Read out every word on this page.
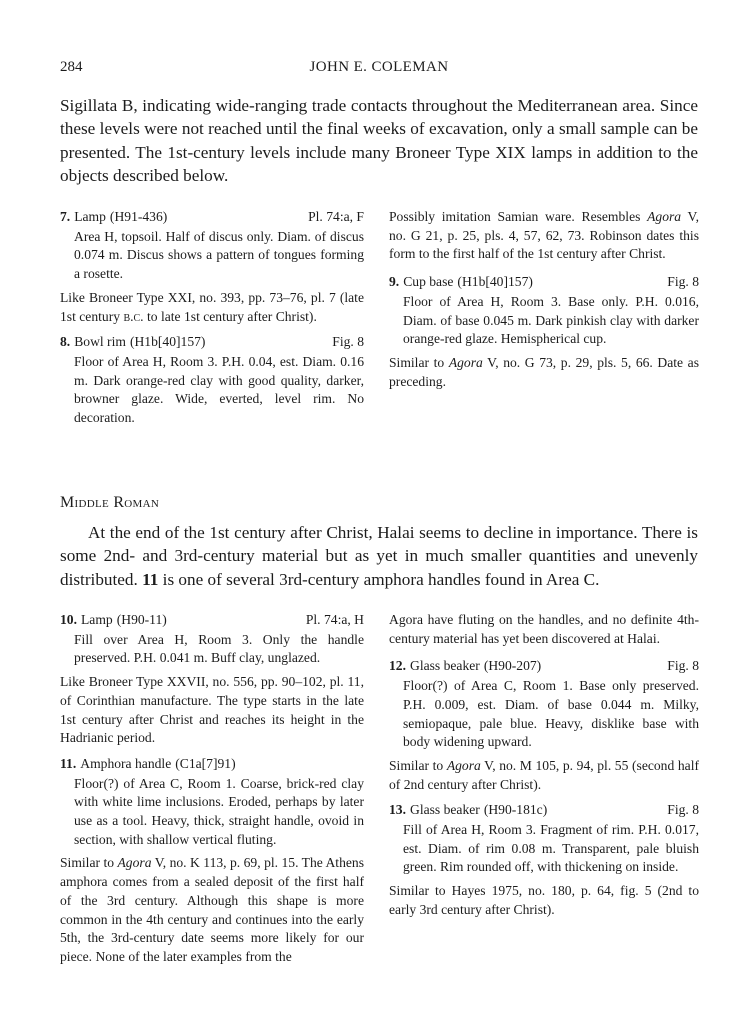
284	JOHN E. COLEMAN

Sigillata B, indicating wide-ranging trade contacts throughout the Mediterranean area. Since these levels were not reached until the final weeks of excavation, only a small sample can be presented. The 1st-century levels include many Broneer Type XIX lamps in addition to the objects described below.

7. Lamp (H91-436)	Pl. 74:a, F
Area H, topsoil. Half of discus only. Diam. of discus 0.074 m. Discus shows a pattern of tongues forming a rosette.
Like Broneer Type XXI, no. 393, pp. 73–76, pl. 7 (late 1st century b.c. to late 1st century after Christ).
8. Bowl rim (H1b[40]157)	Fig. 8
Floor of Area H, Room 3. P.H. 0.04, est. Diam. 0.16 m. Dark orange-red clay with good quality, darker, browner glaze. Wide, everted, level rim. No decoration.
Possibly imitation Samian ware. Resembles Agora V, no. G 21, p. 25, pls. 4, 57, 62, 73. Robinson dates this form to the first half of the 1st century after Christ.
9. Cup base (H1b[40]157)	Fig. 8
Floor of Area H, Room 3. Base only. P.H. 0.016, Diam. of base 0.045 m. Dark pinkish clay with darker orange-red glaze. Hemispherical cup.
Similar to Agora V, no. G 73, p. 29, pls. 5, 66. Date as preceding.
Middle Roman

At the end of the 1st century after Christ, Halai seems to decline in importance. There is some 2nd- and 3rd-century material but as yet in much smaller quantities and unevenly distributed. 11 is one of several 3rd-century amphora handles found in Area C.

10. Lamp (H90-11)	Pl. 74:a, H
Fill over Area H, Room 3. Only the handle preserved. P.H. 0.041 m. Buff clay, unglazed.
Like Broneer Type XXVII, no. 556, pp. 90–102, pl. 11, of Corinthian manufacture. The type starts in the late 1st century after Christ and reaches its height in the Hadrianic period.
11. Amphora handle (C1a[7]91)
Floor(?) of Area C, Room 1. Coarse, brick-red clay with white lime inclusions. Eroded, perhaps by later use as a tool. Heavy, thick, straight handle, ovoid in section, with shallow vertical fluting.
Similar to Agora V, no. K 113, p. 69, pl. 15. The Athens amphora comes from a sealed deposit of the first half of the 3rd century. Although this shape is more common in the 4th century and continues into the early 5th, the 3rd-century date seems more likely for our piece. None of the later examples from the
Agora have fluting on the handles, and no definite 4th-century material has yet been discovered at Halai.
12. Glass beaker (H90-207)	Fig. 8
Floor(?) of Area C, Room 1. Base only preserved. P.H. 0.009, est. Diam. of base 0.044 m. Milky, semiopaque, pale blue. Heavy, disklike base with body widening upward.
Similar to Agora V, no. M 105, p. 94, pl. 55 (second half of 2nd century after Christ).
13. Glass beaker (H90-181c)	Fig. 8
Fill of Area H, Room 3. Fragment of rim. P.H. 0.017, est. Diam. of rim 0.08 m. Transparent, pale bluish green. Rim rounded off, with thickening on inside.
Similar to Hayes 1975, no. 180, p. 64, fig. 5 (2nd to early 3rd century after Christ).
